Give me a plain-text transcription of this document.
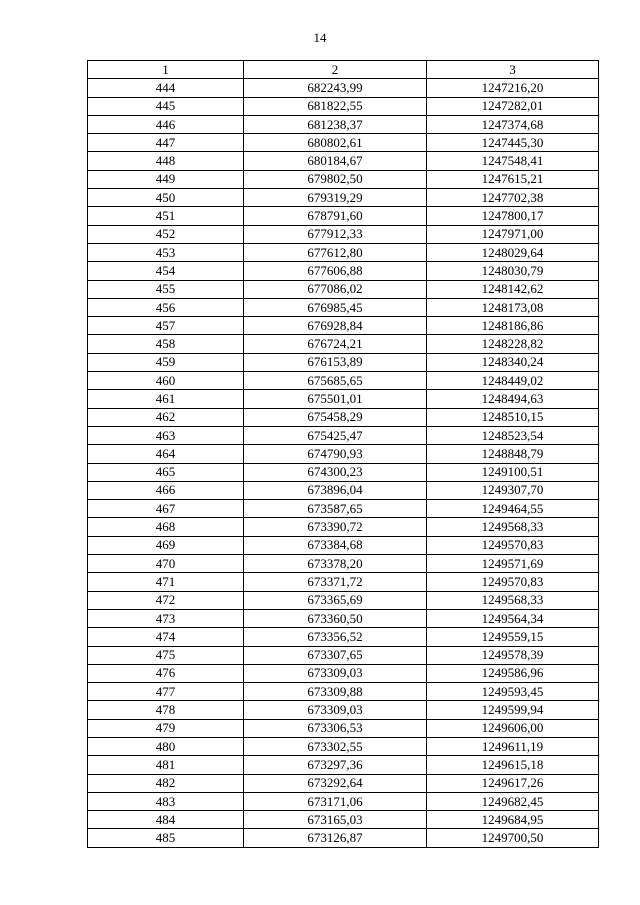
14
1	2	3
444	682243,99	1247216,20
445	681822,55	1247282,01
446	681238,37	1247374,68
447	680802,61	1247445,30
448	680184,67	1247548,41
449	679802,50	1247615,21
450	679319,29	1247702,38
451	678791,60	1247800,17
452	677912,33	1247971,00
453	677612,80	1248029,64
454	677606,88	1248030,79
455	677086,02	1248142,62
456	676985,45	1248173,08
457	676928,84	1248186,86
458	676724,21	1248228,82
459	676153,89	1248340,24
460	675685,65	1248449,02
461	675501,01	1248494,63
462	675458,29	1248510,15
463	675425,47	1248523,54
464	674790,93	1248848,79
465	674300,23	1249100,51
466	673896,04	1249307,70
467	673587,65	1249464,55
468	673390,72	1249568,33
469	673384,68	1249570,83
470	673378,20	1249571,69
471	673371,72	1249570,83
472	673365,69	1249568,33
473	673360,50	1249564,34
474	673356,52	1249559,15
475	673307,65	1249578,39
476	673309,03	1249586,96
477	673309,88	1249593,45
478	673309,03	1249599,94
479	673306,53	1249606,00
480	673302,55	1249611,19
481	673297,36	1249615,18
482	673292,64	1249617,26
483	673171,06	1249682,45
484	673165,03	1249684,95
485	673126,87	1249700,50
